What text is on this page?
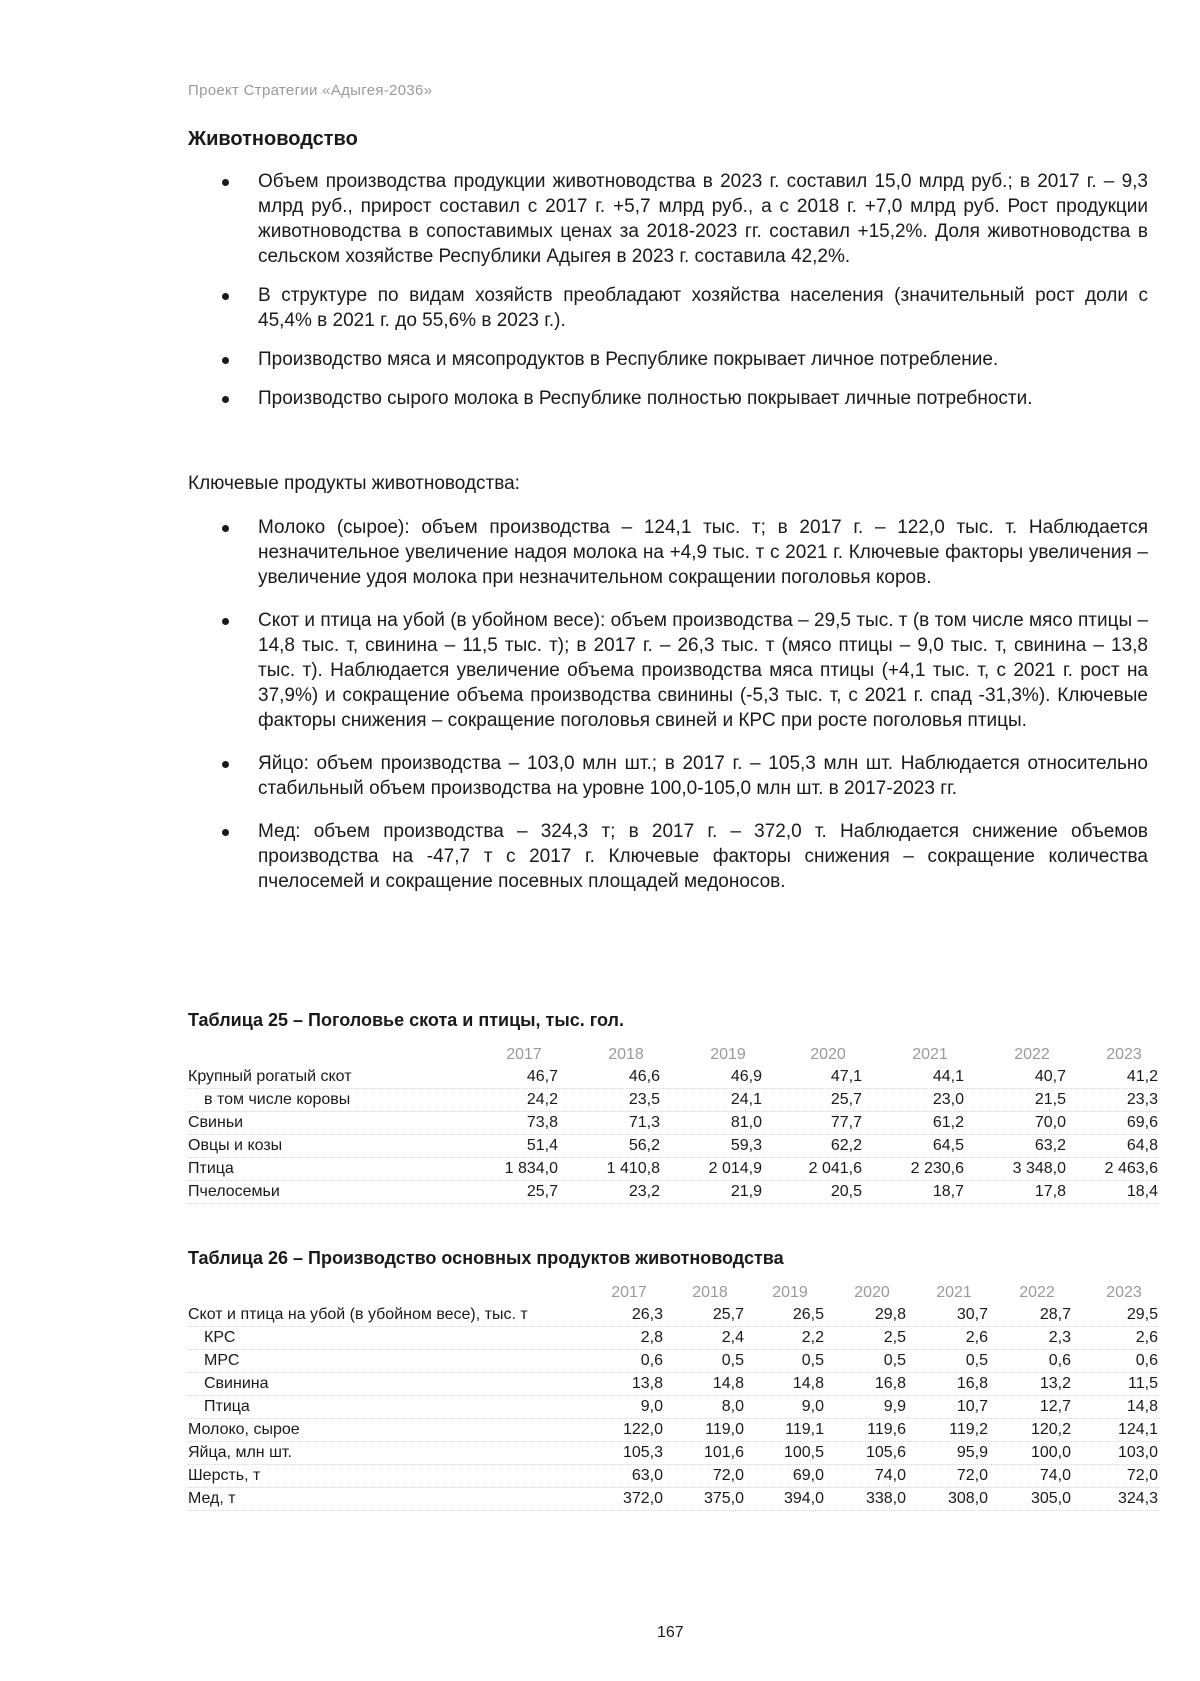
Проект Стратегии «Адыгея-2036»
Животноводство
Объем производства продукции животноводства в 2023 г. составил 15,0 млрд руб.; в 2017 г. – 9,3 млрд руб., прирост составил с 2017 г. +5,7 млрд руб., а с 2018 г. +7,0 млрд руб. Рост продукции животноводства в сопоставимых ценах за 2018-2023 гг. составил +15,2%. Доля животноводства в сельском хозяйстве Республики Адыгея в 2023 г. составила 42,2%.
В структуре по видам хозяйств преобладают хозяйства населения (значительный рост доли с 45,4% в 2021 г. до 55,6% в 2023 г.).
Производство мяса и мясопродуктов в Республике покрывает личное потребление.
Производство сырого молока в Республике полностью покрывает личные потребности.

Ключевые продукты животноводства:

Молоко (сырое): объем производства – 124,1 тыс. т; в 2017 г. – 122,0 тыс. т. Наблюдается незначительное увеличение надоя молока на +4,9 тыс. т с 2021 г. Ключевые факторы увеличения – увеличение удоя молока при незначительном сокращении поголовья коров.
Скот и птица на убой (в убойном весе): объем производства – 29,5 тыс. т (в том числе мясо птицы – 14,8 тыс. т, свинина – 11,5 тыс. т); в 2017 г. – 26,3 тыс. т (мясо птицы – 9,0 тыс. т, свинина – 13,8 тыс. т). Наблюдается увеличение объема производства мяса птицы (+4,1 тыс. т, с 2021 г. рост на 37,9%) и сокращение объема производства свинины (-5,3 тыс. т, с 2021 г. спад -31,3%). Ключевые факторы снижения – сокращение поголовья свиней и КРС при росте поголовья птицы.
Яйцо: объем производства – 103,0 млн шт.; в 2017 г. – 105,3 млн шт. Наблюдается относительно стабильный объем производства на уровне 100,0-105,0 млн шт. в 2017-2023 гг.
Мед: объем производства – 324,3 т; в 2017 г. – 372,0 т. Наблюдается снижение объемов производства на -47,7 т с 2017 г. Ключевые факторы снижения – сокращение количества пчелосемей и сокращение посевных площадей медоносов.

Таблица 25 – Поголовье скота и птицы, тыс. гол.

2017	2018	2019	2020	2021	2022	2023
Крупный рогатый скот	46,7	46,6	46,9	47,1	44,1	40,7	41,2
в том числе коровы	24,2	23,5	24,1	25,7	23,0	21,5	23,3
Свиньи	73,8	71,3	81,0	77,7	61,2	70,0	69,6
Овцы и козы	51,4	56,2	59,3	62,2	64,5	63,2	64,8
Птица	1 834,0	1 410,8	2 014,9	2 041,6	2 230,6	3 348,0	2 463,6
Пчелосемьи	25,7	23,2	21,9	20,5	18,7	17,8	18,4

Таблица 26 – Производство основных продуктов животноводства

2017	2018	2019	2020	2021	2022	2023
Скот и птица на убой (в убойном весе), тыс. т	26,3	25,7	26,5	29,8	30,7	28,7	29,5
КРС	2,8	2,4	2,2	2,5	2,6	2,3	2,6
МРС	0,6	0,5	0,5	0,5	0,5	0,6	0,6
Свинина	13,8	14,8	14,8	16,8	16,8	13,2	11,5
Птица	9,0	8,0	9,0	9,9	10,7	12,7	14,8
Молоко, сырое	122,0	119,0	119,1	119,6	119,2	120,2	124,1
Яйца, млн шт.	105,3	101,6	100,5	105,6	95,9	100,0	103,0
Шерсть, т	63,0	72,0	69,0	74,0	72,0	74,0	72,0
Мед, т	372,0	375,0	394,0	338,0	308,0	305,0	324,3
167
